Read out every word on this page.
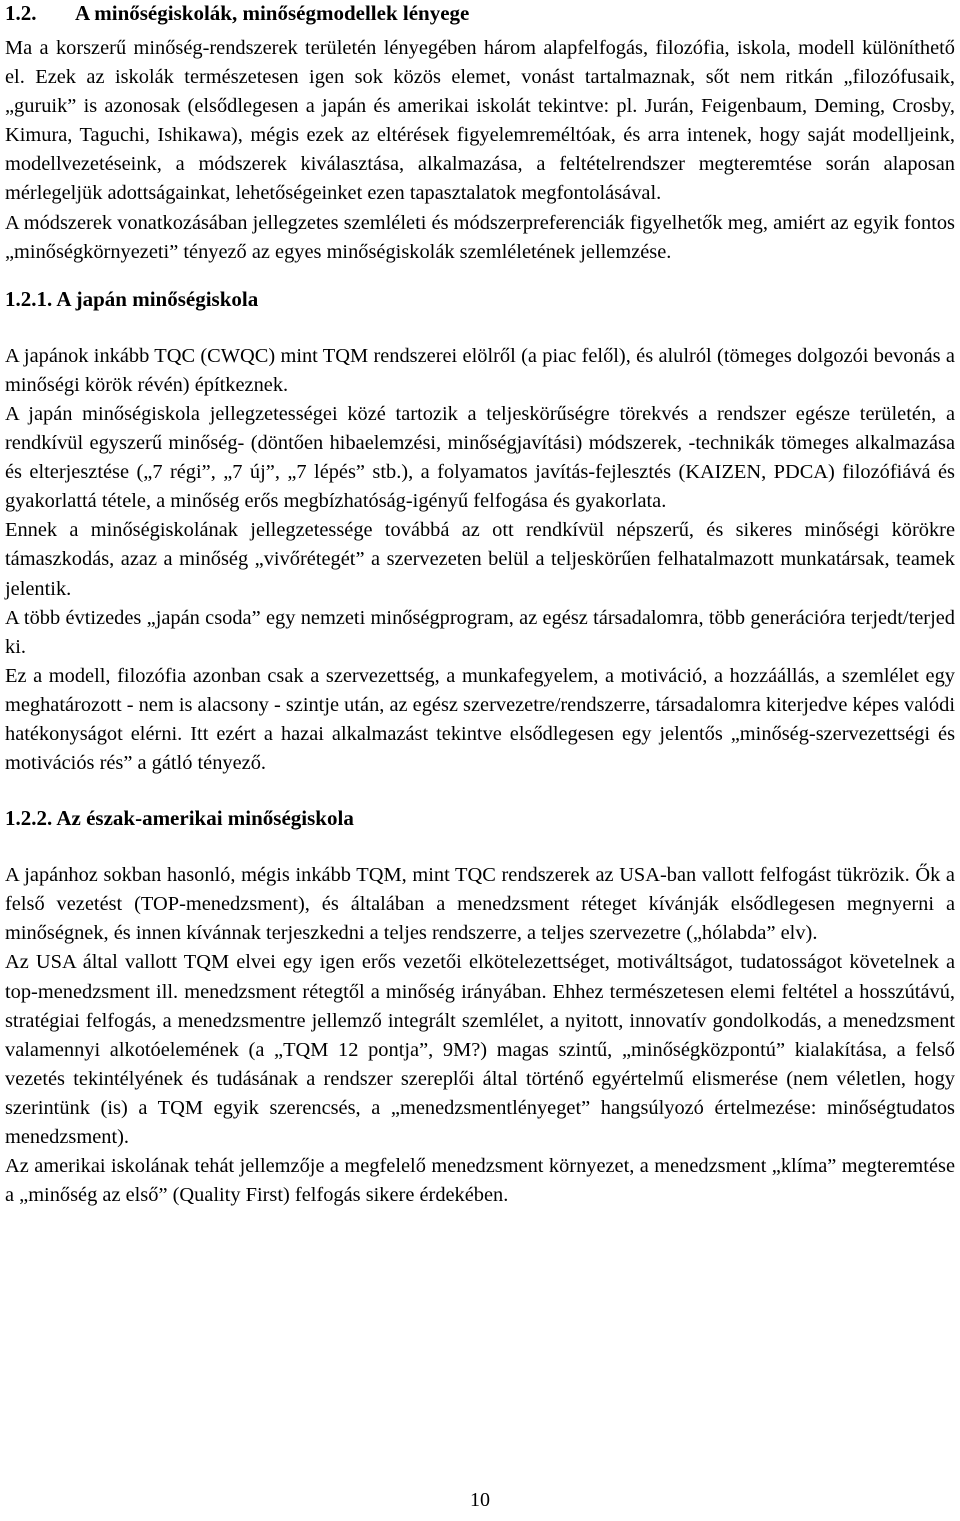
1.2. A minőségiskolák, minőségmodellek lényege

Ma a korszerű minőség-rendszerek területén lényegében három alapfelfogás, filozófia, iskola, modell különíthető el. Ezek az iskolák természetesen igen sok közös elemet, vonást tartalmaznak, sőt nem ritkán „filozófusaik, „guruik” is azonosak (elsődlegesen a japán és amerikai iskolát tekintve: pl. Jurán, Feigenbaum, Deming, Crosby, Kimura, Taguchi, Ishikawa), mégis ezek az eltérések figyelemreméltóak, és arra intenek, hogy saját modelljeink, modellvezetéseink, a módszerek kiválasztása, alkalmazása, a feltételrendszer megteremtése során alaposan mérlegeljük adottságainkat, lehetőségeinket ezen tapasztalatok megfontolásával.

A módszerek vonatkozásában jellegzetes szemléleti és módszerpreferenciák figyelhetők meg, amiért az egyik fontos „minőségkörnyezeti” tényező az egyes minőségiskolák szemléletének jellemzése.

1.2.1. A japán minőségiskola

A japánok inkább TQC (CWQC) mint TQM rendszerei elölről (a piac felől), és alulról (tömeges dolgozói bevonás a minőségi körök révén) építkeznek.

A japán minőségiskola jellegzetességei közé tartozik a teljeskörűségre törekvés a rendszer egésze területén, a rendkívül egyszerű minőség- (döntően hibaelemzési, minőségjavítási) módszerek, -technikák tömeges alkalmazása és elterjesztése („7 régi”, „7 új”, „7 lépés” stb.), a folyamatos javítás-fejlesztés (KAIZEN, PDCA) filozófiává és gyakorlattá tétele, a minőség erős megbízhatóság-igényű felfogása és gyakorlata.

Ennek a minőségiskolának jellegzetessége továbbá az ott rendkívül népszerű, és sikeres minőségi körökre támaszkodás, azaz a minőség „vivőrétegét” a szervezeten belül a teljeskörűen felhatalmazott munkatársak, teamek jelentik.

A több évtizedes „japán csoda” egy nemzeti minőségprogram, az egész társadalomra, több generációra terjedt/terjed ki.

Ez a modell, filozófia azonban csak a szervezettség, a munkafegyelem, a motiváció, a hozzáállás, a szemlélet egy meghatározott - nem is alacsony - szintje után, az egész szervezetre/rendszerre, társadalomra kiterjedve képes valódi hatékonyságot elérni. Itt ezért a hazai alkalmazást tekintve elsődlegesen egy jelentős „minőség-szervezettségi és motivációs rés” a gátló tényező.

1.2.2. Az észak-amerikai minőségiskola

A japánhoz sokban hasonló, mégis inkább TQM, mint TQC rendszerek az USA-ban vallott felfogást tükrözik. Ők a felső vezetést (TOP-menedzsment), és általában a menedzsment réteget kívánják elsődlegesen megnyerni a minőségnek, és innen kívánnak terjeszkedni a teljes rendszerre, a teljes szervezetre („hólabda” elv).

Az USA által vallott TQM elvei egy igen erős vezetői elkötelezettséget, motiváltságot, tudatosságot követelnek a top-menedzsment ill. menedzsment rétegtől a minőség irányában. Ehhez természetesen elemi feltétel a hosszútávú, stratégiai felfogás, a menedzsmentre jellemző integrált szemlélet, a nyitott, innovatív gondolkodás, a menedzsment valamennyi alkotóelemének (a „TQM 12 pontja”, 9M?) magas szintű, „minőségközpontú” kialakítása, a felső vezetés tekintélyének és tudásának a rendszer szereplői által történő egyértelmű elismerése (nem véletlen, hogy szerintünk (is) a TQM egyik szerencsés, a „menedzsmentlényeget” hangsúlyozó értelmezése: minőségtudatos menedzsment).

Az amerikai iskolának tehát jellemzője a megfelelő menedzsment környezet, a menedzsment „klíma” megteremtése a „minőség az első” (Quality First) felfogás sikere érdekében.

10
